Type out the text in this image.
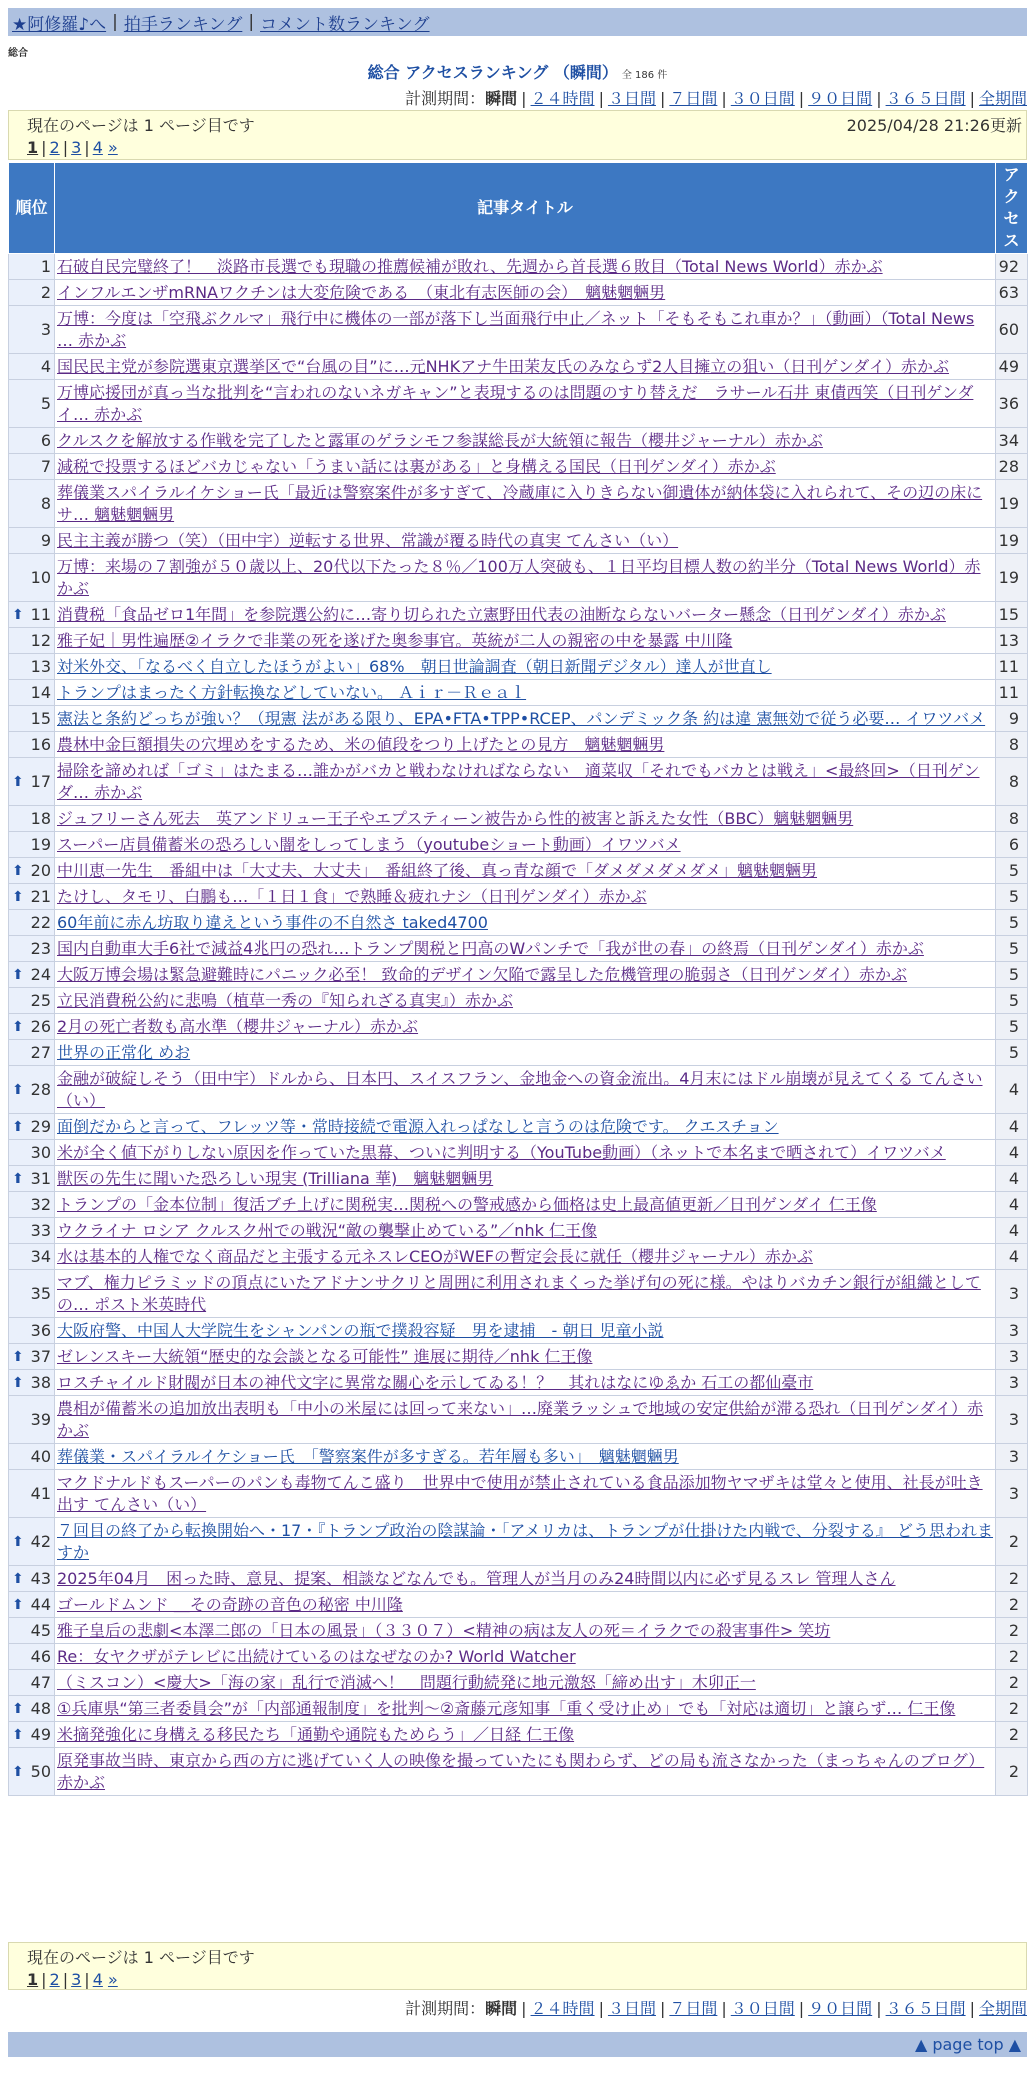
★阿修羅♪へ | 拍手ランキング | コメント数ランキング
総合
総合 アクセスランキング （瞬間） 全 186 件
計測期間：瞬間 | ２４時間 | ３日間 | ７日間 | ３０日間 | ９０日間 | ３６５日間 | 全期間
現在のページは 1 ページ目です	2025/04/28 21:26更新
1 | 2 | 3 | 4 »
順位	記事タイトル	アクセス
1	石破自民完璧終了！　淡路市長選でも現職の推薦候補が敗れ、先週から首長選６敗目（Total News World）赤かぶ	92
2	インフルエンザmRNAワクチンは大変危険である　（東北有志医師の会）　魑魅魍魎男	63
3	万博：今度は「空飛ぶクルマ」飛行中に機体の一部が落下し当面飛行中止／ネット「そもそもこれ車か？」（動画）（Total News … 赤かぶ	60
4	国民民主党が参院選東京選挙区で“台風の目”に…元NHKアナ牛田茉友氏のみならず2人目擁立の狙い（日刊ゲンダイ）赤かぶ	49
5	万博応援団が真っ当な批判を“言われのないネガキャン”と表現するのは問題のすり替えだ　ラサール石井 東債西笑（日刊ゲンダイ… 赤かぶ	36
6	クルスクを解放する作戦を完了したと露軍のゲラシモフ参謀総長が大統領に報告（櫻井ジャーナル）赤かぶ	34
7	減税で投票するほどバカじゃない「うまい話には裏がある」と身構える国民（日刊ゲンダイ）赤かぶ	28
8	葬儀業スパイラルイケショー氏「最近は警察案件が多すぎて、冷蔵庫に入りきらない御遺体が納体袋に入れられて、その辺の床にサ… 魑魅魍魎男	19
9	民主主義が勝つ（笑）（田中宇）逆転する世界、常識が覆る時代の真実 てんさい（い）	19
10	万博：来場の７割強が５０歳以上、20代以下たった８％／100万人突破も、１日平均目標人数の約半分（Total News World）赤かぶ	19

⬆ 11	消費税「食品ゼロ1年間」を参院選公約に…寄り切られた立憲野田代表の油断ならないバーター懸念（日刊ゲンダイ）赤かぶ	15
12	雅子妃｜男性遍歴②イラクで非業の死を遂げた奥参事官。英統が二人の親密の中を暴露 中川隆	13
13	対米外交、「なるべく自立したほうがよい」68%　朝日世論調査（朝日新聞デジタル）達人が世直し	11
14	トランプはまったく方針転換などしていない。 Ａｉｒ－Ｒｅａｌ	11
15	憲法と条約どっちが強い？（現憲 法がある限り、EPA•FTA•TPP•RCEP、パンデミック条 約は違 憲無効で従う必要… イワツバメ	9
16	農林中金巨額損失の穴埋めをするため、米の値段をつり上げたとの見方　魑魅魍魎男	8

⬆ 17	掃除を諦めれば「ゴミ」はたまる…誰かがバカと戦わなければならない　適菜収「それでもバカとは戦え」<最終回>（日刊ゲンダ… 赤かぶ	8
18	ジュフリーさん死去　英アンドリュー王子やエプスティーン被告から性的被害と訴えた女性（BBC）魑魅魍魎男	8
19	スーパー店員備蓄米の恐ろしい闇をしってしまう（youtubeショート動画）イワツバメ	6

⬆ 20	中川恵一先生　番組中は「大丈夫、大丈夫」　番組終了後、真っ青な顔で「ダメダメダメダメ」魑魅魍魎男	5

⬆ 21	たけし、タモリ、白鵬も…「１日１食」で熟睡＆疲れナシ（日刊ゲンダイ）赤かぶ	5
22	60年前に赤ん坊取り違えという事件の不自然さ taked4700	5
23	国内自動車大手6社で減益4兆円の恐れ…トランプ関税と円高のWパンチで「我が世の春」の終焉（日刊ゲンダイ）赤かぶ	5

⬆ 24	大阪万博会場は緊急避難時にパニック必至！ 致命的デザイン欠陥で露呈した危機管理の脆弱さ（日刊ゲンダイ）赤かぶ	5
25	立民消費税公約に悲鳴（植草一秀の『知られざる真実』）赤かぶ	5

⬆ 26	2月の死亡者数も高水準（櫻井ジャーナル）赤かぶ	5
27	世界の正常化 めお	5

⬆ 28	金融が破綻しそう（田中宇）ドルから、日本円、スイスフラン、金地金への資金流出。4月末にはドル崩壊が見えてくる てんさい（い）	4

⬆ 29	面倒だからと言って、フレッツ等・常時接続で電源入れっぱなしと言うのは危険です。 クエスチョン	4
30	米が全く値下がりしない原因を作っていた黒幕、ついに判明する（YouTube動画）（ネットで本名まで晒されて）イワツバメ	4

⬆ 31	獣医の先生に聞いた恐ろしい現実 (Trilliana 華)　魑魅魍魎男	4
32	トランプの「金本位制」復活ブチ上げに関税実…関税への警戒感から価格は史上最高値更新／日刊ゲンダイ 仁王像	4
33	ウクライナ ロシア クルスク州での戦況“敵の襲撃止めている”／nhk 仁王像	4
34	水は基本的人権でなく商品だと主張する元ネスレCEOがWEFの暫定会長に就任（櫻井ジャーナル）赤かぶ	4
35	マブ、権力ピラミッドの頂点にいたアドナンサクリと周囲に利用されまくった挙げ句の死に様。やはりバカチン銀行が組織としての… ポスト米英時代	3
36	大阪府警、中国人大学院生をシャンパンの瓶で撲殺容疑　男を逮捕　- 朝日 児童小説	3

⬆ 37	ゼレンスキー大統領“歴史的な会談となる可能性” 進展に期待／nhk 仁王像	3

⬆ 38	ロスチャイルド財閥が日本の神代文字に異常な關心を示してゐる！？　其れはなにゆゑか 石工の都仙臺市	3
39	農相が備蓄米の追加放出表明も「中小の米屋には回って来ない」…廃業ラッシュで地域の安定供給が滞る恐れ（日刊ゲンダイ）赤かぶ	3
40	葬儀業・スパイラルイケショー氏　「警察案件が多すぎる。若年層も多い」　魑魅魍魎男	3
41	マクドナルドもスーパーのパンも毒物てんこ盛り　世界中で使用が禁止されている食品添加物ヤマザキは堂々と使用、社長が吐き出す てんさい（い）	3

⬆ 42	７回目の終了から転換開始へ・17・『トランプ政治の陰謀論・「アメリカは、トランプが仕掛けた内戦で、分裂する』 どう思われますか	2

⬆ 43	2025年04月　困った時、意見、提案、相談などなんでも。管理人が当月のみ24時間以内に必ず見るスレ 管理人さん	2

⬆ 44	ゴールドムンド ＿その奇跡の音色の秘密 中川隆	2
45	雅子皇后の悲劇<本澤二郎の「日本の風景」（３３０７）<精神の病は友人の死＝イラクでの殺害事件> 笑坊	2
46	Re：女ヤクザがテレビに出続けているのはなぜなのか? World Watcher	2
47	（ミスコン）<慶大>「海の家」乱行で消滅へ！　問題行動続発に地元激怒「締め出す」木卯正一	2

⬆ 48	①兵庫県“第三者委員会”が「内部通報制度」を批判～②斎藤元彦知事「重く受け止め」でも「対応は適切」と譲らず… 仁王像	2

⬆ 49	米摘発強化に身構える移民たち「通勤や通院もためらう」／日経 仁王像	2

⬆ 50	原発事故当時、東京から西の方に逃げていく人の映像を撮っていたにも関わらず、どの局も流さなかった（まっちゃんのブログ）赤かぶ	2
現在のページは 1 ページ目です
1 | 2 | 3 | 4 »
計測期間：瞬間 | ２４時間 | ３日間 | ７日間 | ３０日間 | ９０日間 | ３６５日間 | 全期間
▲ page top ▲
